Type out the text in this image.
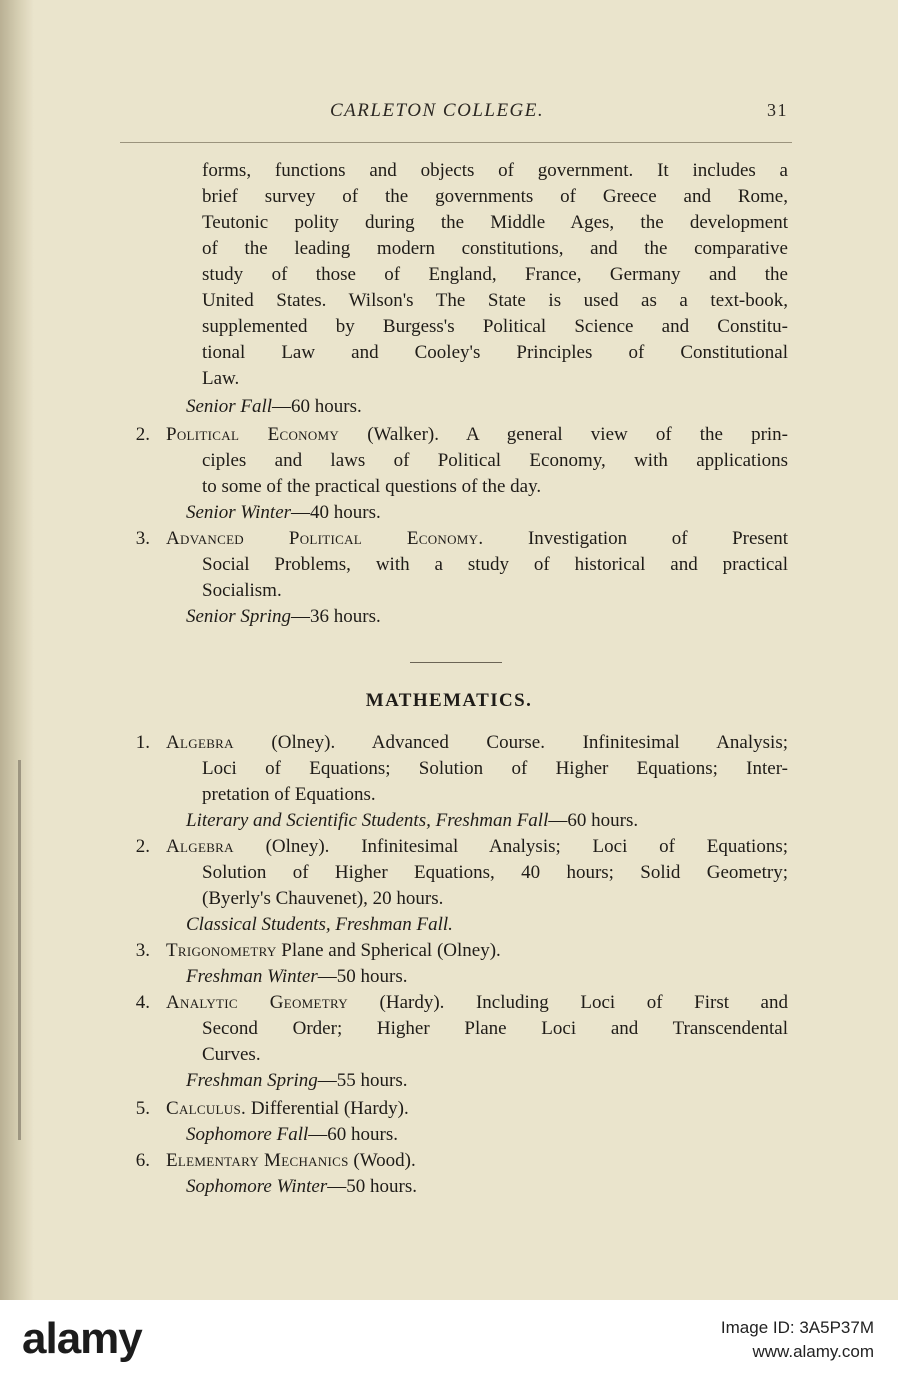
CARLETON COLLEGE.	31
forms, functions and objects of government. It includes a
brief survey of the governments of Greece and Rome,
Teutonic polity during the Middle Ages, the development
of the leading modern constitutions, and the comparative
study of those of England, France, Germany and the
United States. Wilson's The State is used as a text-book,
supplemented by Burgess's Political Science and Constitu-
tional Law and Cooley's Principles of Constitutional
Law.
Senior Fall—60 hours.
2. Political Economy (Walker). A general view of the prin-
ciples and laws of Political Economy, with applications
to some of the practical questions of the day.
Senior Winter—40 hours.
3. Advanced Political Economy. Investigation of Present
Social Problems, with a study of historical and practical
Socialism.
Senior Spring—36 hours.
MATHEMATICS.
1. Algebra (Olney). Advanced Course. Infinitesimal Analysis;
Loci of Equations; Solution of Higher Equations; Inter-
pretation of Equations.
Literary and Scientific Students, Freshman Fall—60 hours.
2. Algebra (Olney). Infinitesimal Analysis; Loci of Equations;
Solution of Higher Equations, 40 hours; Solid Geometry;
(Byerly's Chauvenet), 20 hours.
Classical Students, Freshman Fall.
3. Trigonometry Plane and Spherical (Olney).
Freshman Winter—50 hours.
4. Analytic Geometry (Hardy). Including Loci of First and
Second Order; Higher Plane Loci and Transcendental
Curves.
Freshman Spring—55 hours.
5. Calculus. Differential (Hardy).
Sophomore Fall—60 hours.
6. Elementary Mechanics (Wood).
Sophomore Winter—50 hours.
alamy	Image ID: 3A5P37M
www.alamy.com
